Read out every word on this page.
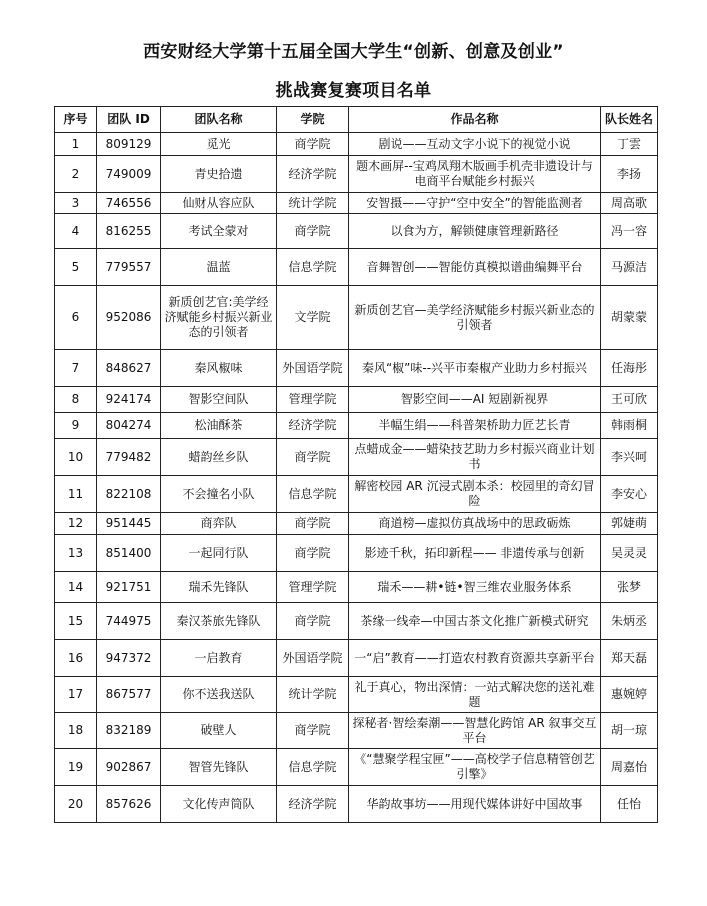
西安财经大学第十五届全国大学生“创新、创意及创业”
挑战赛复赛项目名单
序号	团队 ID	团队名称	学院	作品名称	队长姓名
1	809129	觅光	商学院	剧说——互动文字小说下的视觉小说	丁雲
2	749009	青史拾遗	经济学院	题木画屏--宝鸡凤翔木版画手机壳非遗设计与电商平台赋能乡村振兴	李扬
3	746556	仙财从容应队	统计学院	安智摄——守护“空中安全”的智能监测者	周高歌
4	816255	考试全蒙对	商学院	以食为方，解锁健康管理新路径	冯一容
5	779557	温蓝	信息学院	音舞智创——智能仿真模拟谱曲编舞平台	马源洁
6	952086	新质创艺官:美学经济赋能乡村振兴新业态的引领者	文学院	新质创艺官—美学经济赋能乡村振兴新业态的引领者	胡蒙蒙
7	848627	秦风椒味	外国语学院	秦风“椒”味--兴平市秦椒产业助力乡村振兴	任海彤
8	924174	智影空间队	管理学院	智影空间——AI 短剧新视界	王可欣
9	804274	松油酥茶	经济学院	半幅生绢——科普架桥助力匠艺长青	韩雨桐
10	779482	蜡韵丝乡队	商学院	点蜡成金——蜡染技艺助力乡村振兴商业计划书	李兴呵
11	822108	不会撞名小队	信息学院	解密校园 AR 沉浸式剧本杀：校园里的奇幻冒险	李安心
12	951445	商弈队	商学院	商道榜—虚拟仿真战场中的思政砺炼	郭婕萌
13	851400	一起同行队	商学院	影迹千秋，拓印新程—— 非遗传承与创新	吴灵灵
14	921751	瑞禾先锋队	管理学院	瑞禾——耕•链•智三维农业服务体系	张梦
15	744975	秦汉茶旅先锋队	商学院	茶缘一线牵—中国古茶文化推广新模式研究	朱炳丞
16	947372	一启教育	外国语学院	一“启”教育——打造农村教育资源共享新平台	郑天磊
17	867577	你不送我送队	统计学院	礼于真心，物出深情：一站式解决您的送礼难题	惠婉婷
18	832189	破壁人	商学院	探秘者·智绘秦潮——智慧化跨馆 AR 叙事交互平台	胡一琼
19	902867	智管先锋队	信息学院	《“慧聚学程宝匣”——高校学子信息精管创艺引擎》	周嘉怡
20	857626	文化传声筒队	经济学院	华韵故事坊——用现代媒体讲好中国故事	任怡
